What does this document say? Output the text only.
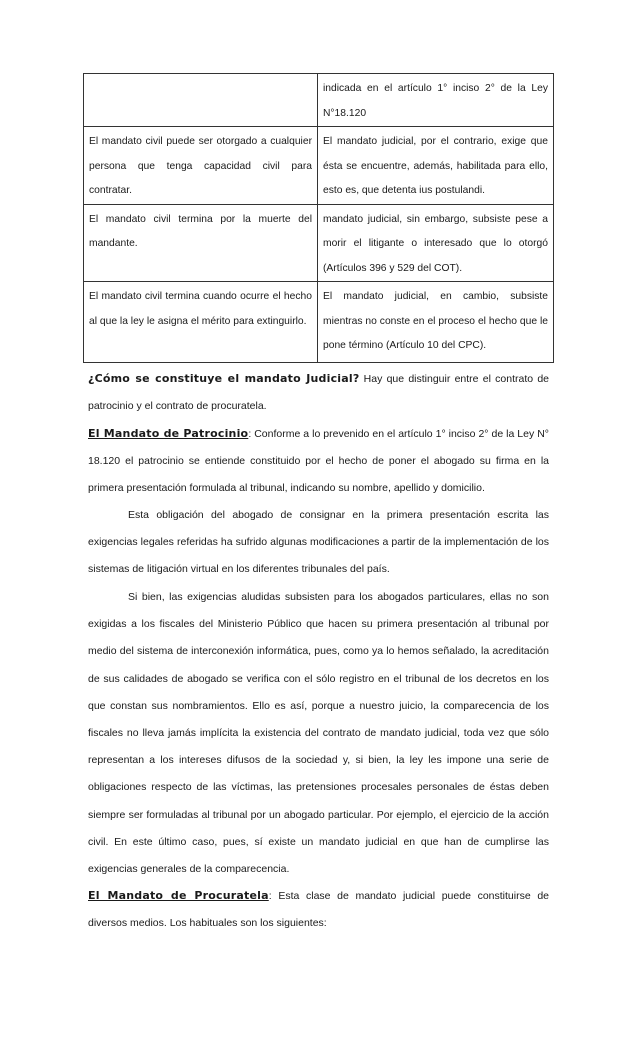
	indicada en el artículo 1° inciso 2° de la Ley N°18.120

El mandato civil puede ser otorgado a cualquier persona que tenga capacidad civil para contratar.	El mandato judicial, por el contrario, exige que ésta se encuentre, además, habilitada para ello, esto es, que detenta ius postulandi.

El mandato civil termina por la muerte del mandante.	mandato judicial, sin embargo, subsiste pese a morir el litigante o interesado que lo otorgó (Artículos 396 y 529 del COT).

El mandato civil termina cuando ocurre el hecho al que la ley le asigna el mérito para extinguirlo.	El mandato judicial, en cambio, subsiste mientras no conste en el proceso el hecho que le pone término (Artículo 10 del CPC).

¿Cómo se constituye el mandato Judicial? Hay que distinguir entre el contrato de patrocinio y el contrato de procuratela.

El Mandato de Patrocinio: Conforme a lo prevenido en el artículo 1° inciso 2° de la Ley N° 18.120 el patrocinio se entiende constituido por el hecho de poner el abogado su firma en la primera presentación formulada al tribunal, indicando su nombre, apellido y domicilio.

Esta obligación del abogado de consignar en la primera presentación escrita las exigencias legales referidas ha sufrido algunas modificaciones a partir de la implementación de los sistemas de litigación virtual en los diferentes tribunales del país.

Si bien, las exigencias aludidas subsisten para los abogados particulares, ellas no son exigidas a los fiscales del Ministerio Público que hacen su primera presentación al tribunal por medio del sistema de interconexión informática, pues, como ya lo hemos señalado, la acreditación de sus calidades de abogado se verifica con el sólo registro en el tribunal de los decretos en los que constan sus nombramientos. Ello es así, porque a nuestro juicio, la comparecencia de los fiscales no lleva jamás implícita la existencia del contrato de mandato judicial, toda vez que sólo representan a los intereses difusos de la sociedad y, si bien, la ley les impone una serie de obligaciones respecto de las víctimas, las pretensiones procesales personales de éstas deben siempre ser formuladas al tribunal por un abogado particular. Por ejemplo, el ejercicio de la acción civil. En este último caso, pues, sí existe un mandato judicial en que han de cumplirse las exigencias generales de la comparecencia.

El Mandato de Procuratela: Esta clase de mandato judicial puede constituirse de diversos medios. Los habituales son los siguientes:
